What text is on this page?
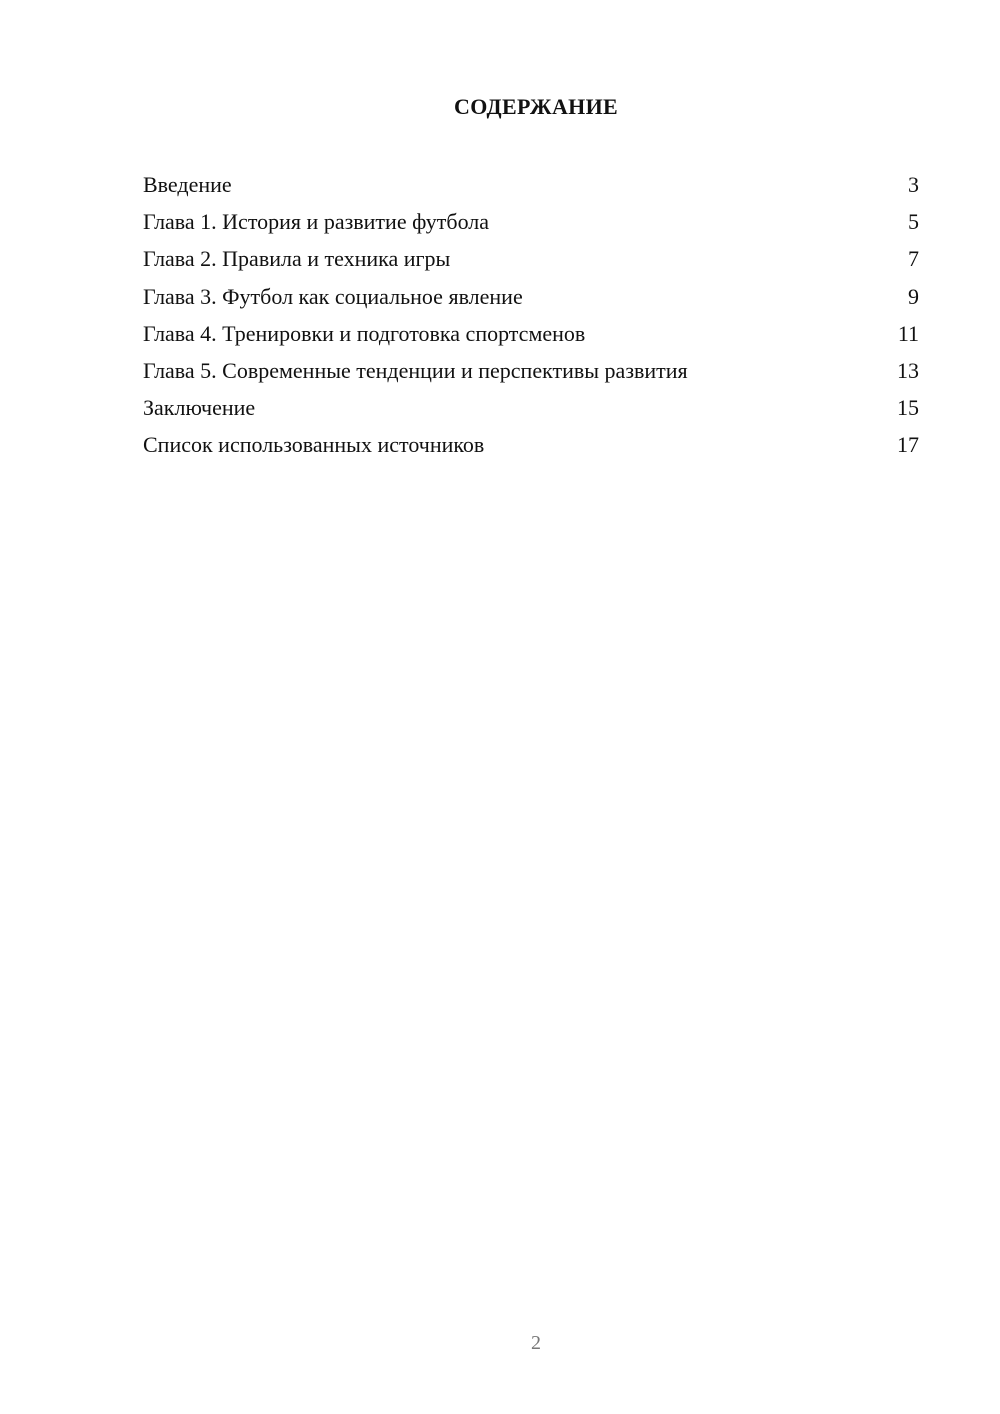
СОДЕРЖАНИЕ
Введение	3
Глава 1. История и развитие футбола	5
Глава 2. Правила и техника игры	7
Глава 3. Футбол как социальное явление	9
Глава 4. Тренировки и подготовка спортсменов	11
Глава 5. Современные тенденции и перспективы развития	13
Заключение	15
Список использованных источников	17
2
